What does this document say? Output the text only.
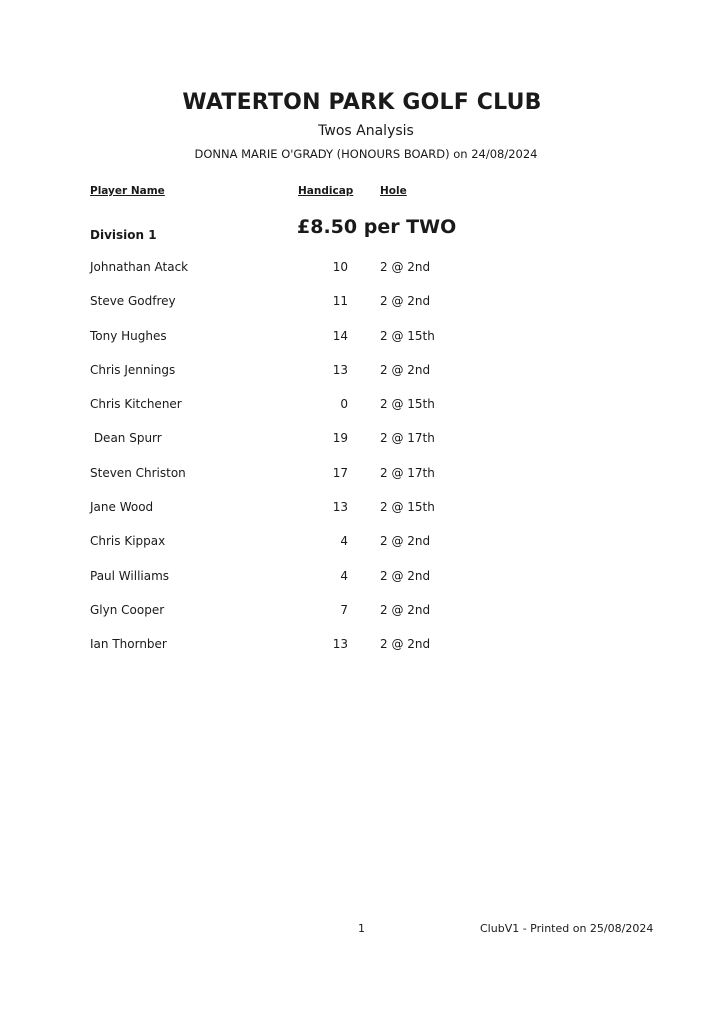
WATERTON PARK GOLF CLUB
Twos Analysis
DONNA MARIE O'GRADY (HONOURS BOARD) on 24/08/2024
Player Name	Handicap	Hole
Division 1	£8.50 per TWO
Johnathan Atack	10	2 @ 2nd
Steve Godfrey	11	2 @ 2nd
Tony Hughes	14	2 @ 15th
Chris Jennings	13	2 @ 2nd
Chris Kitchener	0	2 @ 15th
Dean Spurr	19	2 @ 17th
Steven Christon	17	2 @ 17th
Jane Wood	13	2 @ 15th
Chris Kippax	4	2 @ 2nd
Paul Williams	4	2 @ 2nd
Glyn Cooper	7	2 @ 2nd
Ian Thornber	13	2 @ 2nd
1	ClubV1 - Printed on 25/08/2024
